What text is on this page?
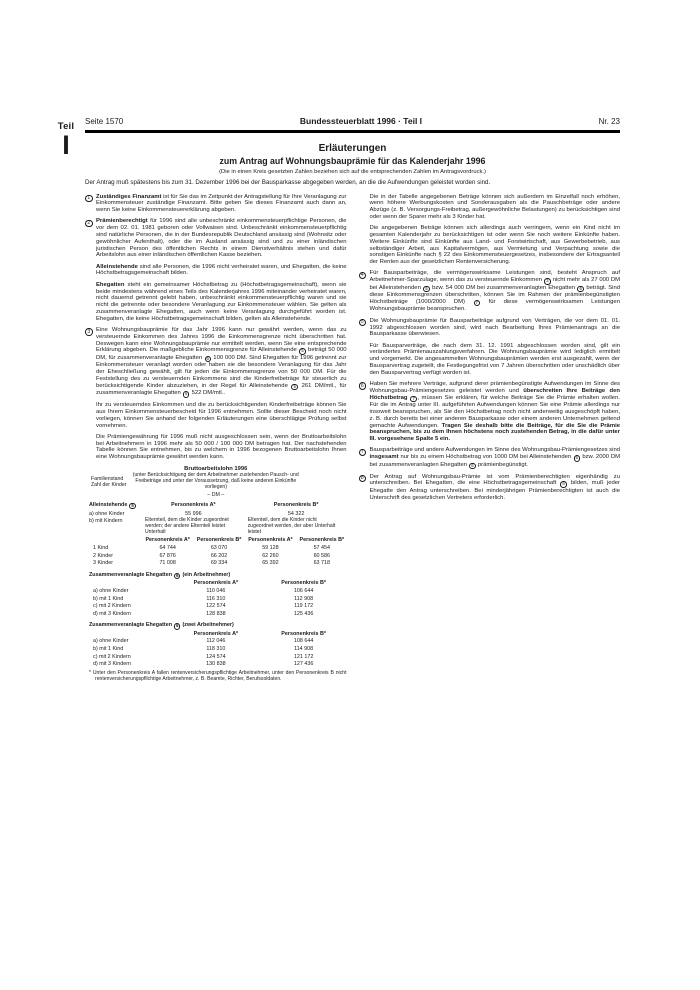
Teil
I
Seite 1570	Bundessteuerblatt 1996 · Teil I	Nr. 23
Erläuterungen
zum Antrag auf Wohnungsbauprämie für das Kalenderjahr 1996
(Die in einen Kreis gesetzten Zahlen beziehen sich auf die entsprechenden Zahlen im Antragsvordruck.)
Der Antrag muß spätestens bis zum 31. Dezember 1996 bei der Bausparkasse abgegeben werden, an die die Aufwendungen geleistet worden sind.
1 Zuständiges Finanzamt ist für Sie das im Zeitpunkt der Antragstellung für Ihre Veranlagung zur Einkommensteuer zuständige Finanzamt. Bitte geben Sie dieses Finanzamt auch dann an, wenn Sie keine Einkommensteuererklärung abgeben.
2 Prämienberechtigt für 1996 sind alle unbeschränkt einkommensteuerpflichtige Personen, die vor dem 02. 01. 1981 geboren oder Vollwaisen sind. Unbeschränkt einkommensteuerpflichtig sind natürliche Personen, die in der Bundesrepublik Deutschland ansässig sind (Wohnsitz oder gewöhnlicher Aufenthalt), oder die im Ausland ansässig sind und zu einer inländischen juristischen Person des öffentlichen Rechts in einem Dienstverhältnis stehen und dafür Arbeitslohn aus einer inländischen öffentlichen Kasse beziehen.
Alleinstehende sind alle Personen, die 1996 nicht verheiratet waren, und Ehegatten, die keine Höchstbetragsgemeinschaft bilden.
Ehegatten steht ein gemeinsamer Höchstbetrag zu (Höchstbetragsgemeinschaft), wenn sie beide mindestens während eines Teils des Kalenderjahres 1996 miteinander verheiratet waren, nicht dauernd getrennt gelebt haben, unbeschränkt einkommensteuerpflichtig waren und sie nicht die getrennte oder besondere Veranlagung zur Einkommensteuer wählen. Sie gelten als zusammenveranlagte Ehegatten, auch wenn keine Veranlagung durchgeführt worden ist. Ehegatten, die keine Höchstbetragsgemeinschaft bilden, gelten als Alleinstehende.
3 Eine Wohnungsbauprämie für das Jahr 1996 kann nur gewährt werden, wenn das zu versteuernde Einkommen des Jahres 1996 die Einkommensgrenze nicht überschritten hat. Deswegen kann eine Wohnungsbauprämie nur ermittelt werden, wenn Sie eine entsprechende Erklärung abgeben. Die maßgebliche Einkommensgrenze für Alleinstehende 5 beträgt 50 000 DM, für zusammenveranlagte Ehegatten 6 100 000 DM. Sind Ehegatten für 1996 getrennt zur Einkommensteuer veranlagt worden oder haben sie die besondere Veranlagung für das Jahr der Eheschließung gewählt, gilt für jeden die Einkommensgrenze von 50 000 DM. Für die Feststellung des zu versteuernden Einkommens sind die Kinderfreibeträge für steuerlich zu berücksichtigende Kinder abzuziehen, in der Regel für Alleinstehende 5 261 DM/mtl., für zusammenveranlagte Ehegatten 6 522 DM/mtl..
Ihr zu versteuerndes Einkommen und die zu berücksichtigenden Kinderfreibeträge können Sie aus Ihrem Einkommensteuerbescheid für 1996 entnehmen. Sollte dieser Bescheid noch nicht vorliegen, können Sie anhand der folgenden Erläuterungen eine überschlägige Prüfung selbst vornehmen.
Die Prämiengewährung für 1996 muß nicht ausgeschlossen sein, wenn der Bruttoarbeitslohn bei Arbeitnehmern in 1996 mehr als 50 000 / 100 000 DM betragen hat. Der nachstehenden Tabelle können Sie entnehmen, bis zu welchem in 1996 bezogenen Bruttoarbeitslohn Ihnen eine Wohnungsbauprämie gewährt werden kann.
Familienstand
Zahl der Kinder
Bruttoarbeitslohn 1996
(unter Berücksichtigung der dem Arbeitnehmer zustehenden Pausch- und Freibeträge und unter der Voraussetzung, daß keine anderen Einkünfte vorliegen)
– DM –
Alleinstehende 5	Personenkreis A*	Personenkreis B*
a) ohne Kinder	55 996	54 322
b) mit Kindern	Elternteil, dem die Kinder zugeordnet werden; der andere Elternteil leistet Unterhalt
Elternteil, dem die Kinder nicht zugeordnet werden, der aber Unterhalt leistet
Personenkreis A*	Personenkreis B*	Personenkreis A*	Personenkreis B*
1 Kind	64 744	63 070	59 128	57 454
2 Kinder	67 876	66 202	62 260	60 586
3 Kinder	71 008	69 334	65 392	63 718
Zusammenveranlagte Ehegatten 6 (ein Arbeitnehmer)
Personenkreis A*	Personenkreis B*
a) ohne Kinder	110 046	106 644
b) mit 1 Kind	116 310	112 908
c) mit 2 Kindern	122 574	119 172
d) mit 3 Kindern	128 838	125 436
Zusammenveranlagte Ehegatten 6 (zwei Arbeitnehmer)
Personenkreis A*	Personenkreis B*
a) ohne Kinder	112 046	108 644
b) mit 1 Kind	118 310	114 908
c) mit 2 Kindern	124 574	121 172
d) mit 3 Kindern	130 838	127 436
* Unter den Personenkreis A fallen rentenversicherungspflichtige Arbeitnehmer, unter den Personenkreis B nicht rentenversicherungspflichtige Arbeitnehmer, z. B. Beamte, Richter, Berufssoldaten.
Die in der Tabelle angegebenen Beträge können sich außerdem im Einzelfall noch erhöhen, wenn höhere Werbungskosten und Sonderausgaben als die Pauschbeträge oder andere Abzüge (z. B. Versorgungs-Freibetrag, außergewöhnliche Belastungen) zu berücksichtigen sind oder wenn der Sparer mehr als 3 Kinder hat.
Die angegebenen Beträge können sich allerdings auch verringern, wenn ein Kind nicht im gesamten Kalenderjahr zu berücksichtigen ist oder wenn Sie noch weitere Einkünfte haben. Weitere Einkünfte sind Einkünfte aus Land- und Forstwirtschaft, aus Gewerbebetrieb, aus selbständiger Arbeit, aus Kapitalvermögen, aus Vermietung und Verpachtung sowie die sonstigen Einkünfte nach § 22 des Einkommensteuergesetzes, insbesondere der Ertragsanteil der Renten aus der gesetzlichen Rentenversicherung.
4 Für Bausparbeiträge, die vermögenswirksame Leistungen sind, besteht Anspruch auf Arbeitnehmer-Sparzulage, wenn das zu versteuernde Einkommen 3 nicht mehr als 27 000 DM bei Alleinstehenden 5 bzw. 54 000 DM bei zusammenveranlagten Ehegatten 6 beträgt. Sind diese Einkommensgrenzen überschritten, können Sie im Rahmen der prämienbegünstigten Höchstbeträge (1000/2000 DM) 7 für diese vermögenswirksamen Leistungen Wohnungsbauprämie beanspruchen.
5 Die Wohnungsbauprämie für Bausparbeiträge aufgrund von Verträgen, die vor dem 01. 01. 1992 abgeschlossen worden sind, wird nach Bearbeitung Ihres Prämienantrags an die Bausparkasse überwiesen.
Für Bausparverträge, die nach dem 31. 12. 1991 abgeschlossen worden sind, gilt ein verändertes Prämienauszahlungsverfahren. Die Wohnungsbauprämie wird lediglich ermittelt und vorgemerkt. Die angesammelten Wohnungsbauprämien werden erst ausgezahlt, wenn der Bausparvertrag zugeteilt, die Festlegungsfrist von 7 Jahren überschritten oder unschädlich über den Bausparvertrag verfügt worden ist.
6 Haben Sie mehrere Verträge, aufgrund derer prämienbegünstigte Aufwendungen im Sinne des Wohnungsbau-Prämiengesetzes geleistet werden und überschreiten Ihre Beiträge den Höchstbetrag 7 , müssen Sie erklären, für welche Beiträge Sie die Prämie erhalten wollen. Für die im Antrag unter III. aufgeführten Aufwendungen können Sie eine Prämie allerdings nur insoweit beanspruchen, als Sie den Höchstbetrag noch nicht anderweitig ausgeschöpft haben, z. B. durch bereits bei einer anderen Bausparkasse oder einem anderen Unternehmen geltend gemachte Aufwendungen. Tragen Sie deshalb bitte die Beiträge, für die Sie die Prämie beanspruchen, bis zu dem Ihnen höchstens noch zustehenden Betrag, in die dafür unter III. vorgesehene Spalte 5 ein.
7 Bausparbeiträge und andere Aufwendungen im Sinne des Wohnungsbau-Prämiengesetzes sind insgesamt nur bis zu einem Höchstbetrag von 1000 DM bei Alleinstehenden 5 bzw. 2000 DM bei zusammenveranlagten Ehegatten 6 prämienbegünstigt.
8 Der Antrag auf Wohnungsbau-Prämie ist vom Prämienberechtigten eigenhändig zu unterschreiben. Bei Ehegatten, die eine Höchstbetragsgemeinschaft 6 bilden, muß jeder Ehegatte den Antrag unterschreiben. Bei minderjährigen Prämienberechtigten ist auch die Unterschrift des gesetzlichen Vertreters erforderlich.
